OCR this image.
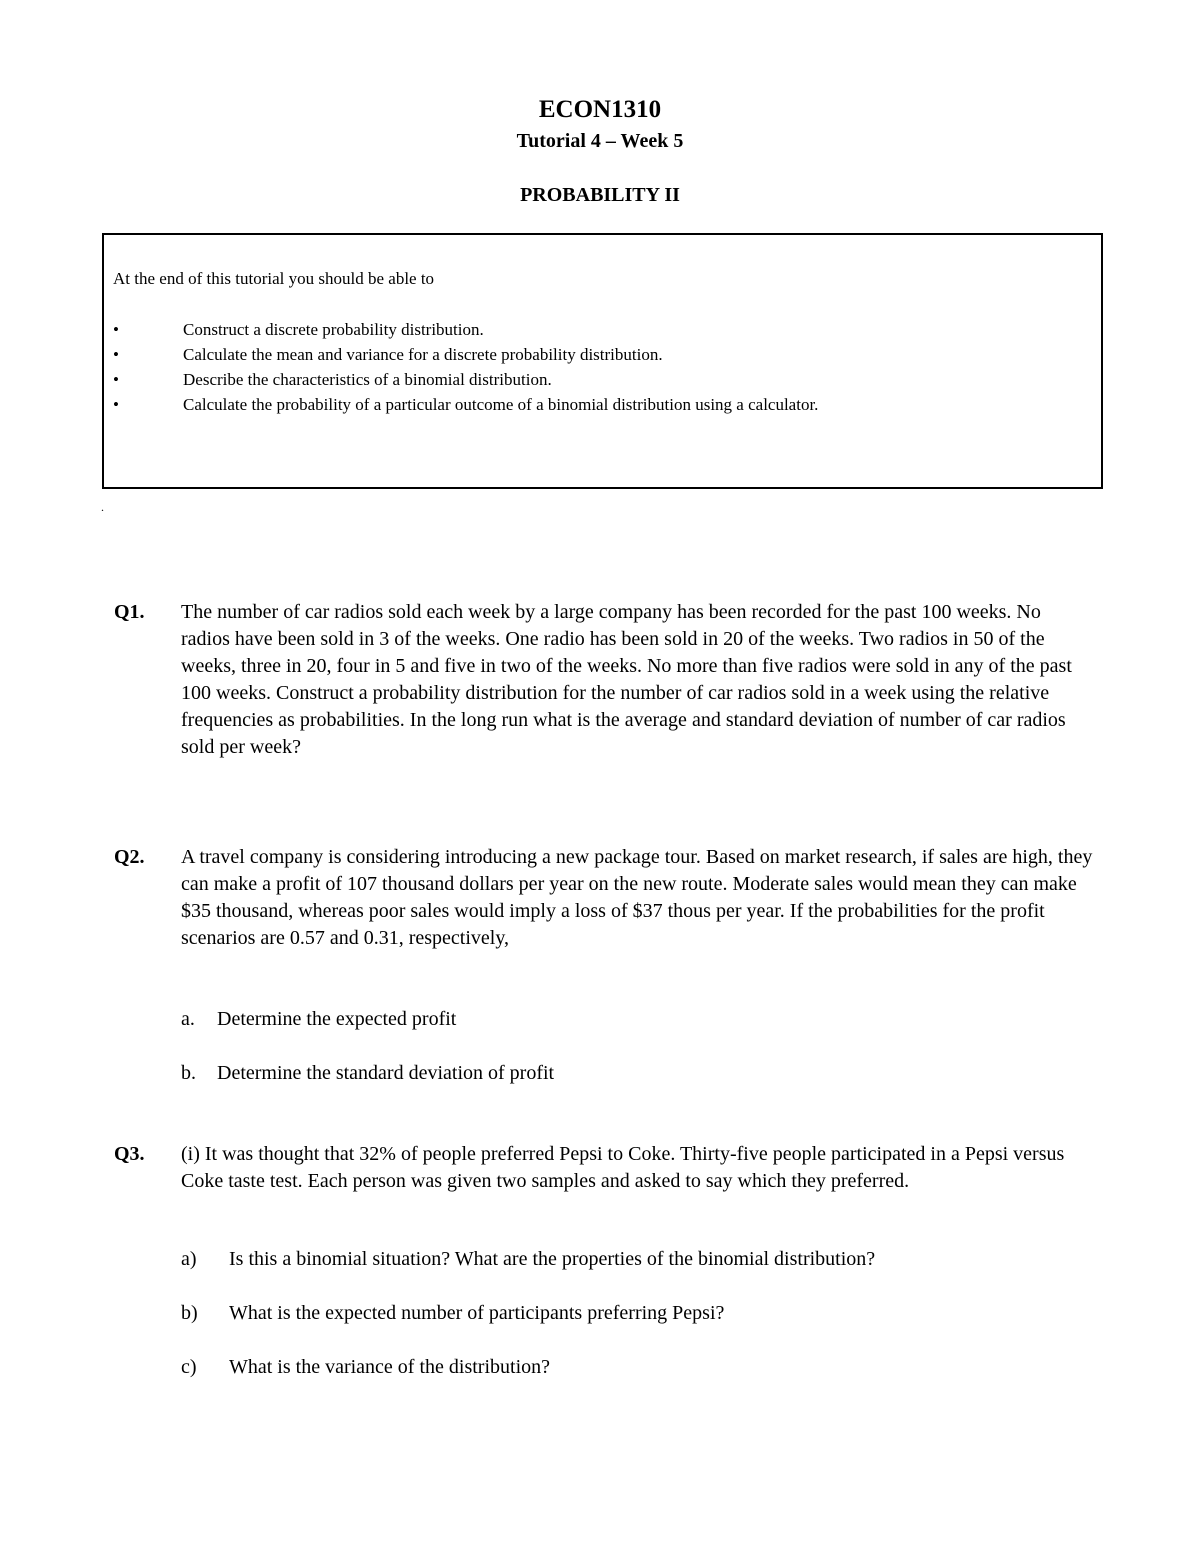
ECON1310
Tutorial 4 – Week 5
PROBABILITY II
At the end of this tutorial you should be able to
•	Construct a discrete probability distribution.
•	Calculate the mean and variance for a discrete probability distribution.
•	Describe the characteristics of a binomial distribution.
•	Calculate the probability of a particular outcome of a binomial distribution using a calculator.
.
Q1. The number of car radios sold each week by a large company has been recorded for the past 100 weeks. No radios have been sold in 3 of the weeks. One radio has been sold in 20 of the weeks. Two radios in 50 of the weeks, three in 20, four in 5 and five in two of the weeks. No more than five radios were sold in any of the past 100 weeks. Construct a probability distribution for the number of car radios sold in a week using the relative frequencies as probabilities. In the long run what is the average and standard deviation of number of car radios sold per week?
Q2. A travel company is considering introducing a new package tour. Based on market research, if sales are high, they can make a profit of 107 thousand dollars per year on the new route. Moderate sales would mean they can make $35 thousand, whereas poor sales would imply a loss of $37 thous per year. If the probabilities for the profit scenarios are 0.57 and 0.31, respectively,
a. Determine the expected profit
b. Determine the standard deviation of profit
Q3. (i) It was thought that 32% of people preferred Pepsi to Coke. Thirty-five people participated in a Pepsi versus Coke taste test. Each person was given two samples and asked to say which they preferred.
a) Is this a binomial situation? What are the properties of the binomial distribution?
b) What is the expected number of participants preferring Pepsi?
c) What is the variance of the distribution?
